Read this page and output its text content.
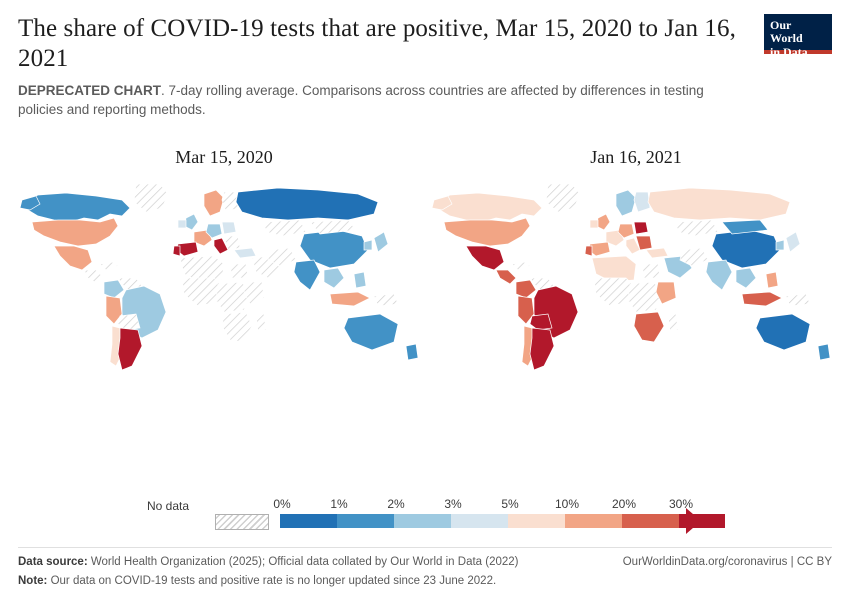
The share of COVID-19 tests that are positive, Mar 15, 2020 to Jan 16, 2021

DEPRECATED CHART. 7-day rolling average. Comparisons across countries are affected by differences in testing policies and reporting methods.

Our World
in Data
Mar 15, 2020	Jan 16, 2021
No data	0%	1%	2%	3%	5%	10%	20%	30%
Data source: World Health Organization (2025); Official data collated by Our World in Data (2022)	OurWorldinData.org/coronavirus | CC BY
Note: Our data on COVID-19 tests and positive rate is no longer updated since 23 June 2022.
